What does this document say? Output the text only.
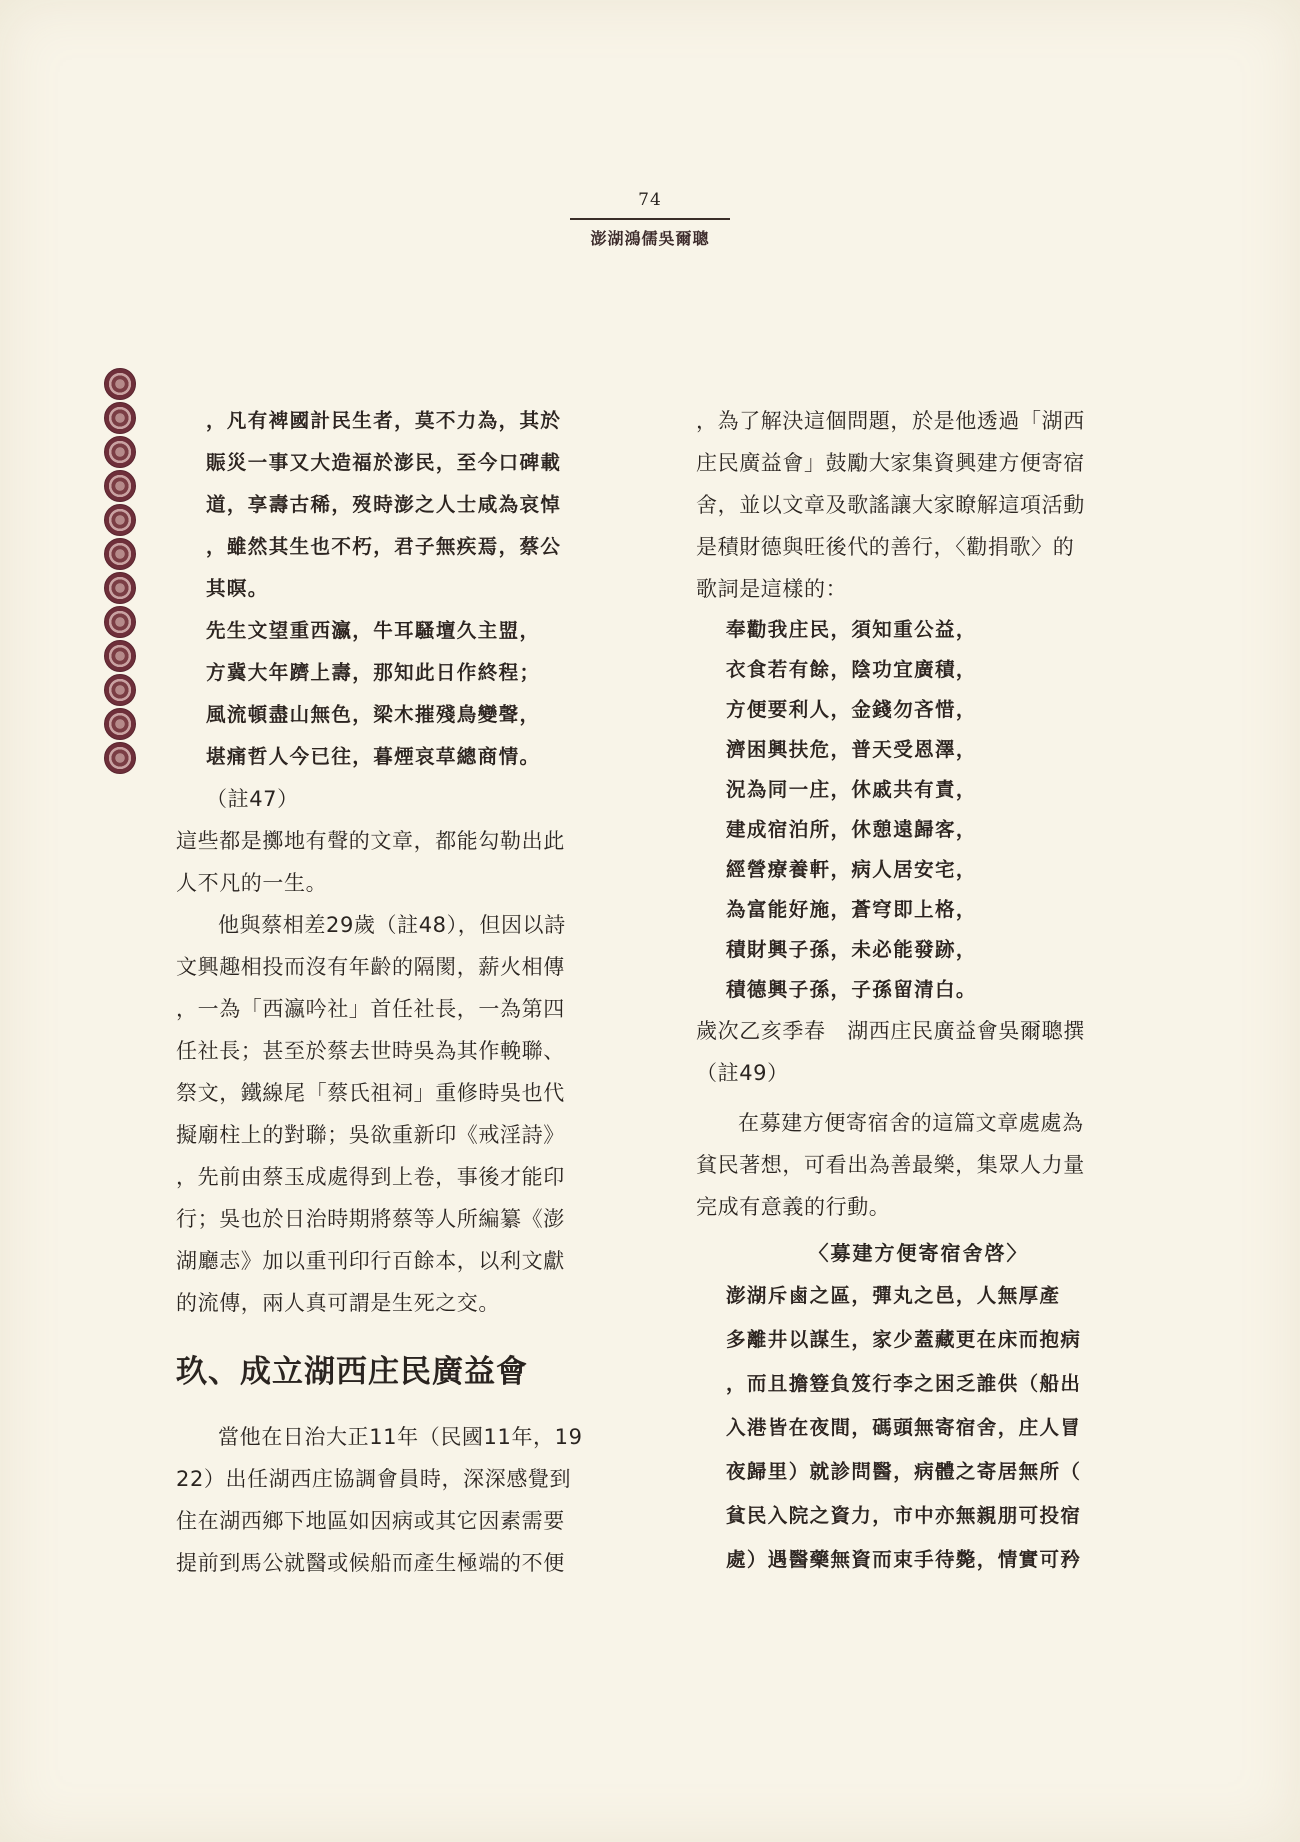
74
澎湖鴻儒吳爾聰

，凡有裨國計民生者，莫不力為，其於

賑災一事又大造福於澎民，至今口碑載

道，享壽古稀，歿時澎之人士咸為哀悼

，雖然其生也不朽，君子無疾焉，蔡公

其暝。

先生文望重西瀛，牛耳騷壇久主盟，

方冀大年躋上壽，那知此日作終程；

風流頓盡山無色，梁木摧殘鳥變聲，

堪痛哲人今已往，暮煙哀草總商情。

（註47）

這些都是擲地有聲的文章，都能勾勒出此

人不凡的一生。

他與蔡相差29歲（註48），但因以詩

文興趣相投而沒有年齡的隔閡，薪火相傳

，一為「西瀛吟社」首任社長，一為第四

任社長；甚至於蔡去世時吳為其作輓聯、

祭文，鐵線尾「蔡氏祖祠」重修時吳也代

擬廟柱上的對聯；吳欲重新印《戒淫詩》

，先前由蔡玉成處得到上卷，事後才能印

行；吳也於日治時期將蔡等人所編纂《澎

湖廳志》加以重刊印行百餘本，以利文獻

的流傳，兩人真可謂是生死之交。

玖、成立湖西庄民廣益會

當他在日治大正11年（民國11年，19

22）出任湖西庄協調會員時，深深感覺到

住在湖西鄉下地區如因病或其它因素需要

提前到馬公就醫或候船而產生極端的不便

，為了解決這個問題，於是他透過「湖西

庄民廣益會」鼓勵大家集資興建方便寄宿

舍，並以文章及歌謠讓大家瞭解這項活動

是積財德與旺後代的善行，〈勸捐歌〉的

歌詞是這樣的：

奉勸我庄民，須知重公益，

衣食若有餘，陰功宜廣積，

方便要利人，金錢勿吝惜，

濟困興扶危，普天受恩澤，

況為同一庄，休戚共有責，

建成宿泊所，休憩遠歸客，

經營療養軒，病人居安宅，

為富能好施，蒼穹即上格，

積財興子孫，未必能發跡，

積德興子孫，子孫留清白。

歲次乙亥季春　湖西庄民廣益會吳爾聰撰

（註49）

在募建方便寄宿舍的這篇文章處處為

貧民著想，可看出為善最樂，集眾人力量

完成有意義的行動。

〈募建方便寄宿舍啓〉

澎湖斥鹵之區，彈丸之邑，人無厚產

多離井以謀生，家少蓋藏更在床而抱病

，而且擔簦負笈行李之困乏誰供（船出

入港皆在夜間，碼頭無寄宿舍，庄人冒

夜歸里）就診問醫，病體之寄居無所（

貧民入院之資力，市中亦無親朋可投宿

處）遇醫藥無資而束手待斃，情實可矜
